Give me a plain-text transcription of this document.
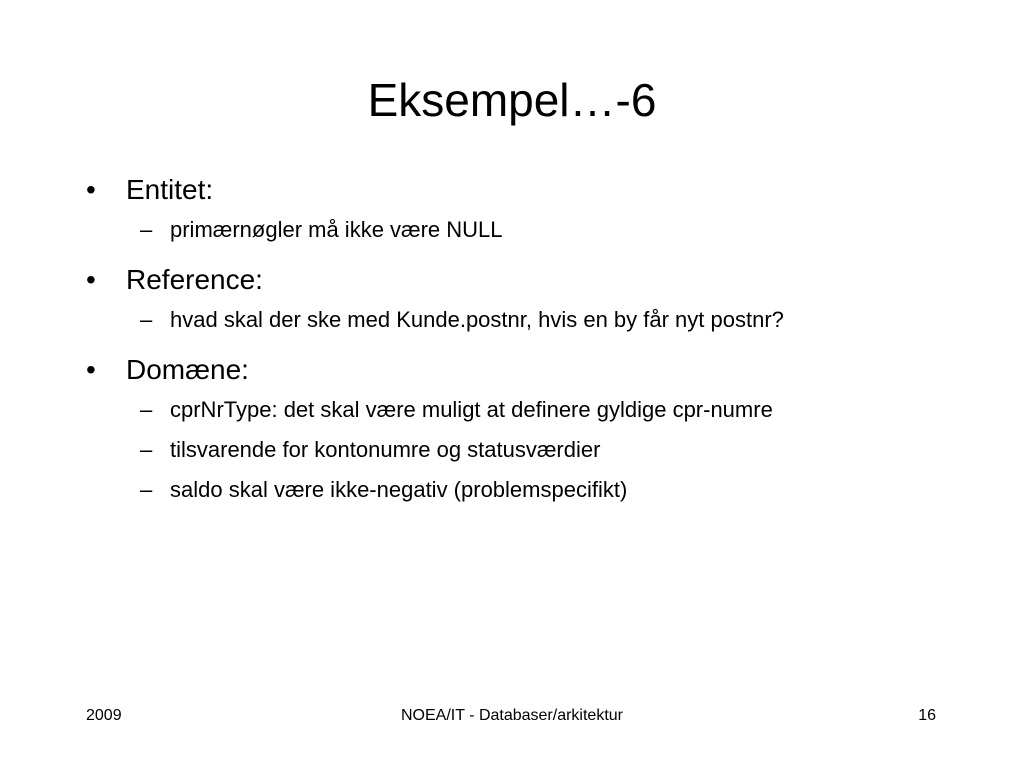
Eksempel…-6
•	Entitet:
– primærnøgler må ikke være NULL
•	Reference:
– hvad skal der ske med Kunde.postnr, hvis en by får nyt postnr?
•	Domæne:
– cprNrType: det skal være muligt at definere gyldige cpr-numre
– tilsvarende for kontonumre og statusværdier
– saldo skal være ikke-negativ (problemspecifikt)
2009	NOEA/IT - Databaser/arkitektur	16
